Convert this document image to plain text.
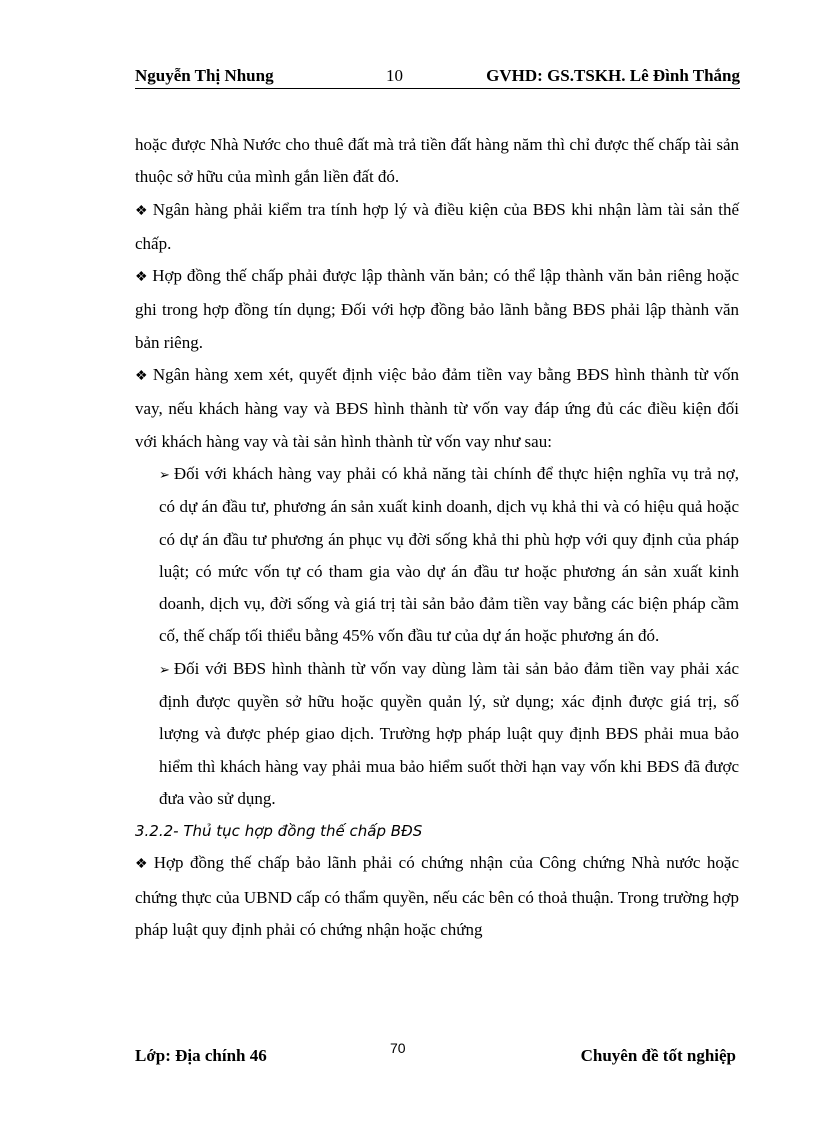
Nguyễn Thị Nhung	10	GVHD: GS.TSKH. Lê Đình Thắng

hoặc được Nhà Nước cho thuê đất mà trả tiền đất hàng năm thì chỉ được thế chấp tài sản thuộc sở hữu của mình gắn liền đất đó.

❖ Ngân hàng phải kiểm tra tính hợp lý và điều kiện của BĐS khi nhận làm tài sản thế chấp.

❖ Hợp đồng thế chấp phải được lập thành văn bản; có thể lập thành văn bản riêng hoặc ghi trong hợp đồng tín dụng; Đối với hợp đồng bảo lãnh bằng BĐS phải lập thành văn bản riêng.

❖ Ngân hàng xem xét, quyết định việc bảo đảm tiền vay bằng BĐS hình thành từ vốn vay, nếu khách hàng vay và BĐS hình thành từ vốn vay đáp ứng đủ các điều kiện đối với khách hàng vay và tài sản hình thành từ vốn vay như sau:

➢ Đối với khách hàng vay phải có khả năng tài chính để thực hiện nghĩa vụ trả nợ, có dự án đầu tư, phương án sản xuất kinh doanh, dịch vụ khả thi và có hiệu quả hoặc có dự án đầu tư phương án phục vụ đời sống khả thi phù hợp với quy định của pháp luật; có mức vốn tự có tham gia vào dự án đầu tư hoặc phương án sản xuất kinh doanh, dịch vụ, đời sống và giá trị tài sản bảo đảm tiền vay bằng các biện pháp cầm cố, thế chấp tối thiểu bằng 45% vốn đầu tư của dự án hoặc phương án đó.

➢ Đối với BĐS hình thành từ vốn vay dùng làm tài sản bảo đảm tiền vay phải xác định được quyền sở hữu hoặc quyền quản lý, sử dụng; xác định được giá trị, số lượng và được phép giao dịch. Trường hợp pháp luật quy định BĐS phải mua bảo hiểm thì khách hàng vay phải mua bảo hiểm suốt thời hạn vay vốn khi BĐS đã được đưa vào sử dụng.

3.2.2- Thủ tục hợp đồng thế chấp BĐS

❖ Hợp đồng thế chấp bảo lãnh phải có chứng nhận của Công chứng Nhà nước hoặc chứng thực của UBND cấp có thẩm quyền, nếu các bên có thoả thuận. Trong trường hợp pháp luật quy định phải có chứng nhận hoặc chứng

Lớp: Địa chính 46	70	Chuyên đề tốt nghiệp
